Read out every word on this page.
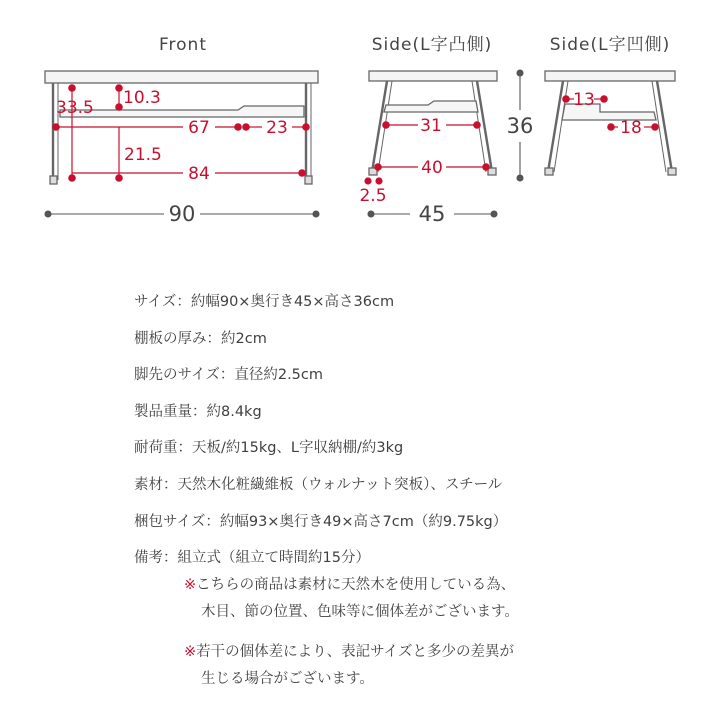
Front	Side(L字凸側)	Side(L字凹側)
33.5 10.3
67	23
21.5
84
90
31
40
2.5
45
36
13
18
サイズ：約幅90×奥行き45×高さ36cm
棚板の厚み：約2cm
脚先のサイズ：直径約2.5cm
製品重量：約8.4kg
耐荷重：天板/約15kg、L字収納棚/約3kg
素材：天然木化粧繊維板（ウォルナット突板）、スチール
梱包サイズ：約幅93×奥行き49×高さ7cm（約9.75kg）
備考：組立式（組立て時間約15分）
※こちらの商品は素材に天然木を使用している為、
木目、節の位置、色味等に個体差がございます。
※若干の個体差により、表記サイズと多少の差異が
生じる場合がございます。
